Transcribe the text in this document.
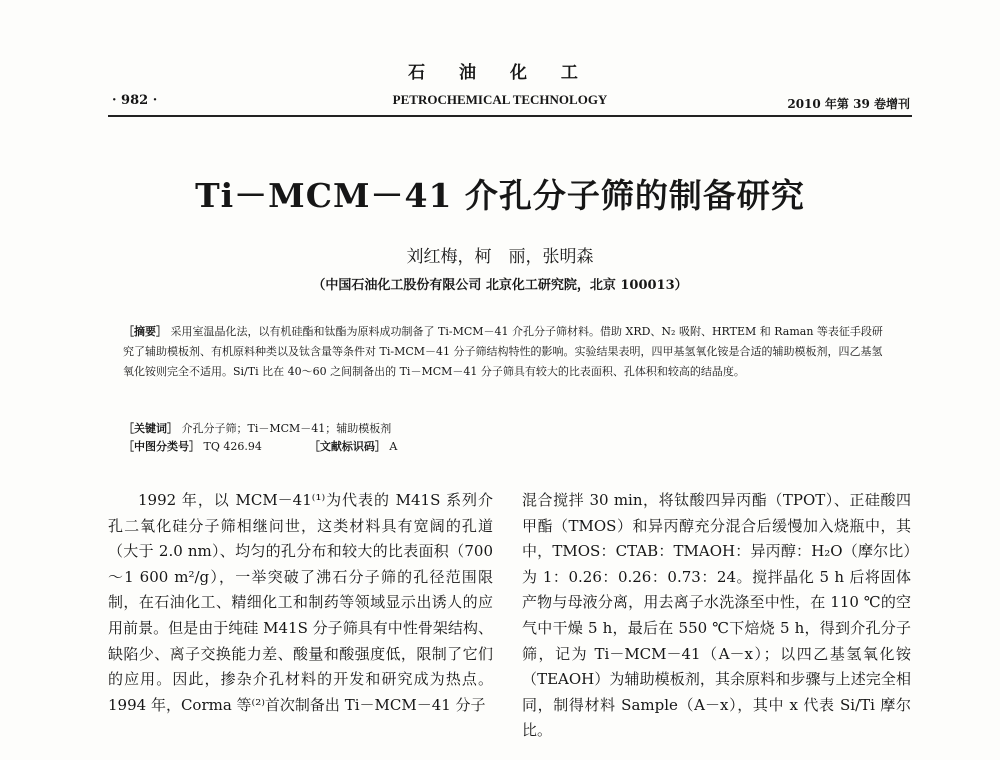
石 油 化 工
· 982 ·	PETROCHEMICAL TECHNOLOGY	2010 年第 39 卷增刊
Ti－MCM－41 介孔分子筛的制备研究
刘红梅，柯　丽，张明森
（中国石油化工股份有限公司 北京化工研究院，北京 100013）
［摘要］ 采用室温晶化法，以有机硅酯和钛酯为原料成功制备了 Ti-MCM－41 介孔分子筛材料。借助 XRD、N₂ 吸附、HRTEM 和 Raman 等表征手段研究了辅助模板剂、有机原料种类以及钛含量等条件对 Ti-MCM－41 分子筛结构特性的影响。实验结果表明，四甲基氢氧化铵是合适的辅助模板剂，四乙基氢氧化铵则完全不适用。Si/Ti 比在 40～60 之间制备出的 Ti－MCM－41 分子筛具有较大的比表面积、孔体积和较高的结晶度。
［关键词］ 介孔分子筛；Ti－MCM－41；辅助模板剂
［中图分类号］ TQ 426.94	［文献标识码］ A
1992 年，以 MCM－41⁽¹⁾为代表的 M41S 系列介孔二氧化硅分子筛相继问世，这类材料具有宽阔的孔道（大于 2.0 nm）、均匀的孔分布和较大的比表面积（700～1 600 m²/g），一举突破了沸石分子筛的孔径范围限制，在石油化工、精细化工和制药等领域显示出诱人的应用前景。但是由于纯硅 M41S 分子筛具有中性骨架结构、缺陷少、离子交换能力差、酸量和酸强度低，限制了它们的应用。因此，掺杂介孔材料的开发和研究成为热点。1994 年，Corma 等⁽²⁾首次制备出 Ti－MCM－41 分子
混合搅拌 30 min，将钛酸四异丙酯（TPOT）、正硅酸四甲酯（TMOS）和异丙醇充分混合后缓慢加入烧瓶中，其中，TMOS：CTAB：TMAOH：异丙醇：H₂O（摩尔比）为 1：0.26：0.26：0.73：24。搅拌晶化 5 h 后将固体产物与母液分离，用去离子水洗涤至中性，在 110 ℃的空气中干燥 5 h，最后在 550 ℃下焙烧 5 h，得到介孔分子筛，记为 Ti－MCM－41（A－x）；以四乙基氢氧化铵（TEAOH）为辅助模板剂，其余原料和步骤与上述完全相同，制得材料 Sample（A－x），其中 x 代表 Si/Ti 摩尔比。
